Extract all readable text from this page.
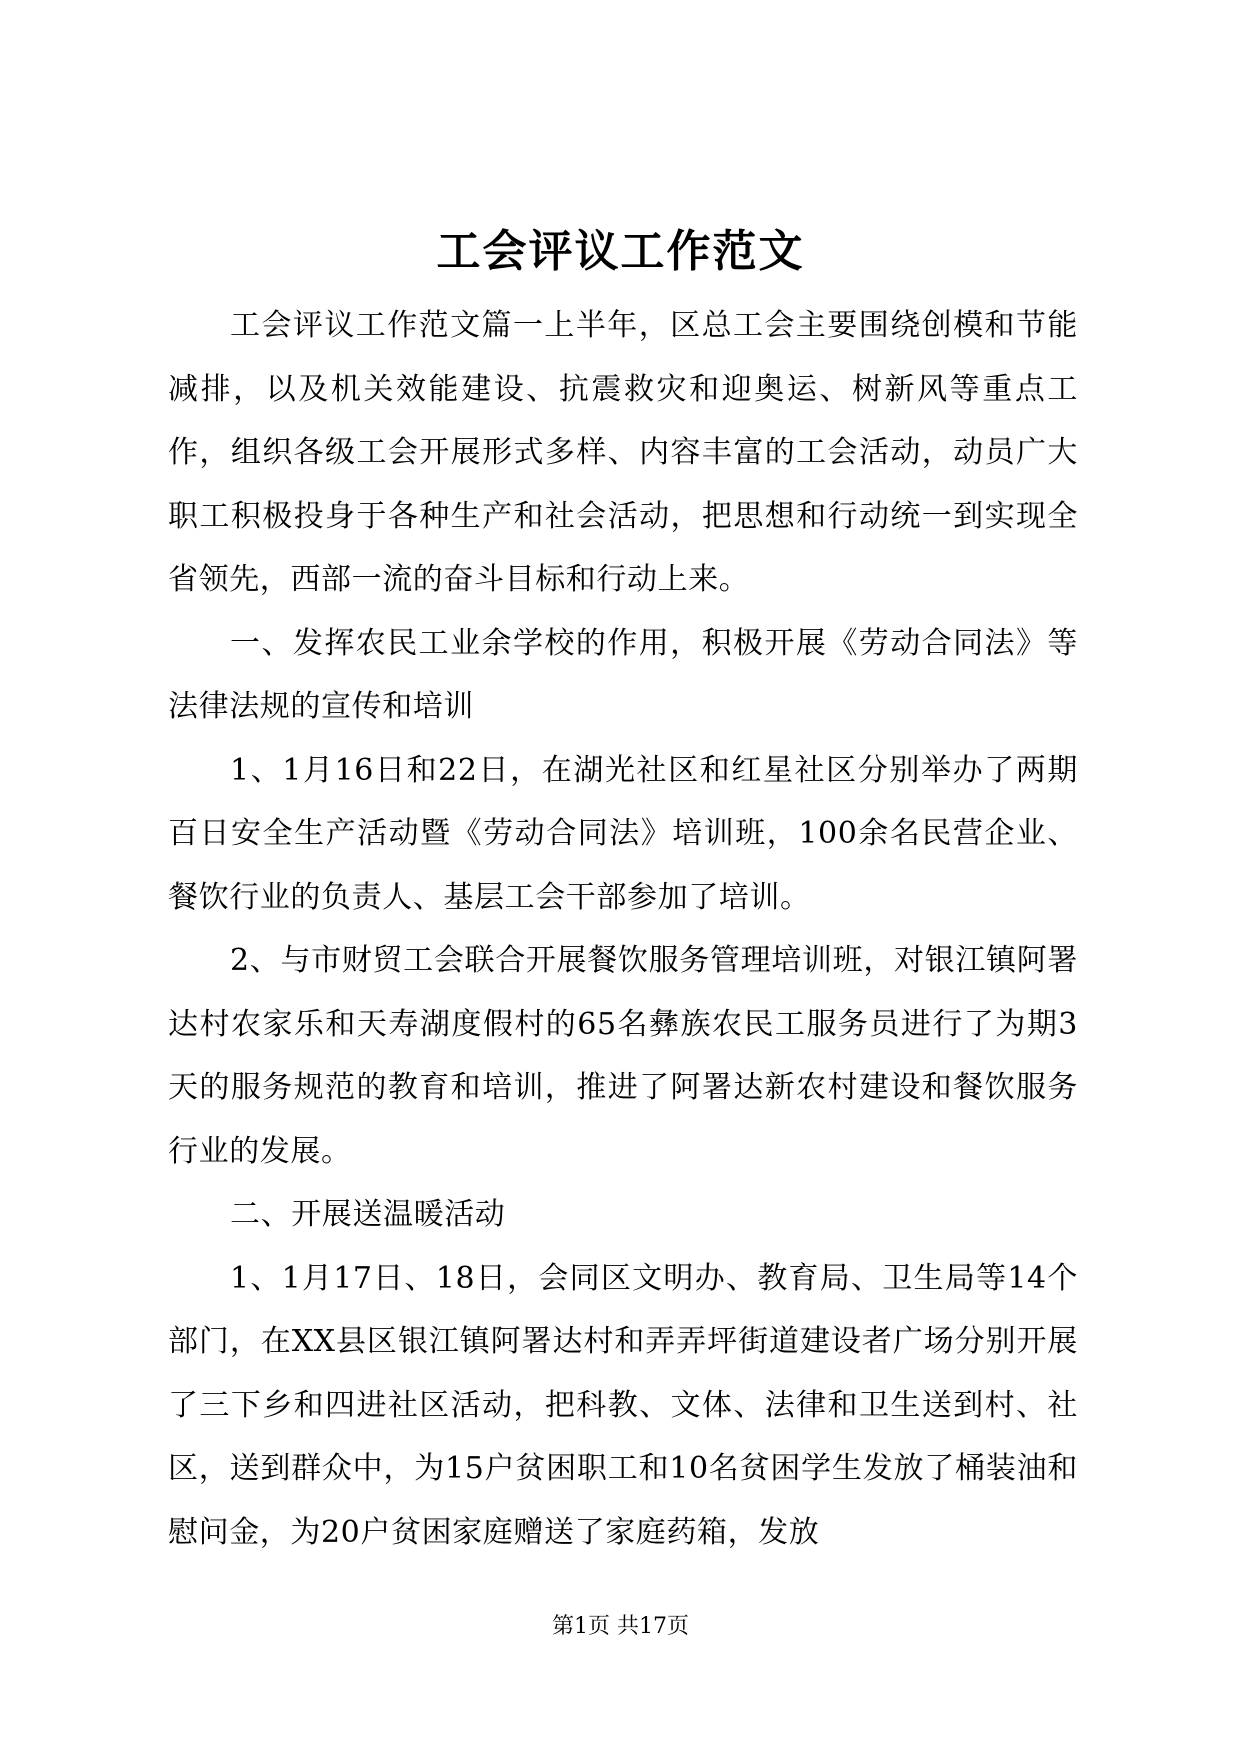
工会评议工作范文

工会评议工作范文篇一上半年，区总工会主要围绕创模和节能减排，以及机关效能建设、抗震救灾和迎奥运、树新风等重点工作，组织各级工会开展形式多样、内容丰富的工会活动，动员广大职工积极投身于各种生产和社会活动，把思想和行动统一到实现全省领先，西部一流的奋斗目标和行动上来。

一、发挥农民工业余学校的作用，积极开展《劳动合同法》等法律法规的宣传和培训

1、1月16日和22日，在湖光社区和红星社区分别举办了两期百日安全生产活动暨《劳动合同法》培训班，100余名民营企业、餐饮行业的负责人、基层工会干部参加了培训。

2、与市财贸工会联合开展餐饮服务管理培训班，对银江镇阿署达村农家乐和天寿湖度假村的65名彝族农民工服务员进行了为期3天的服务规范的教育和培训，推进了阿署达新农村建设和餐饮服务行业的发展。

二、开展送温暖活动

1、1月17日、18日，会同区文明办、教育局、卫生局等14个部门，在XX县区银江镇阿署达村和弄弄坪街道建设者广场分别开展了三下乡和四进社区活动，把科教、文体、法律和卫生送到村、社区，送到群众中，为15户贫困职工和10名贫困学生发放了桶装油和慰问金，为20户贫困家庭赠送了家庭药箱，发放

第1页 共17页
